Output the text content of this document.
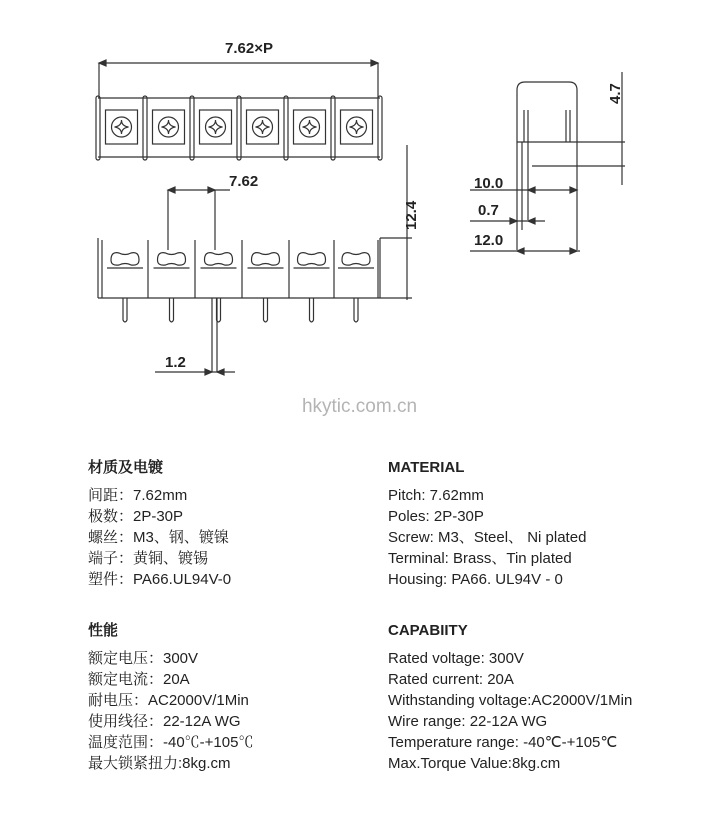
7.62×P
7.62
12.4
1.2
4.7
10.0
0.7
12.0
hkytic.com.cn
材质及电镀
间距：7.62mm
极数：2P-30P
螺丝：M3、钢、镀镍
端子：黄铜、镀锡
塑件：PA66.UL94V-0
性能
额定电压：300V
额定电流：20A
耐电压：AC2000V/1Min
使用线径：22-12A WG
温度范围：-40℃-+105℃
最大锁紧扭力:8kg.cm
MATERIAL
Pitch: 7.62mm
Poles: 2P-30P
Screw: M3、Steel、 Ni plated
Terminal: Brass、Tin plated
Housing: PA66. UL94V - 0
CAPABIITY
Rated voltage: 300V
Rated current: 20A
Withstanding voltage:AC2000V/1Min
Wire range: 22-12A WG
Temperature range: -40℃-+105℃
Max.Torque Value:8kg.cm
